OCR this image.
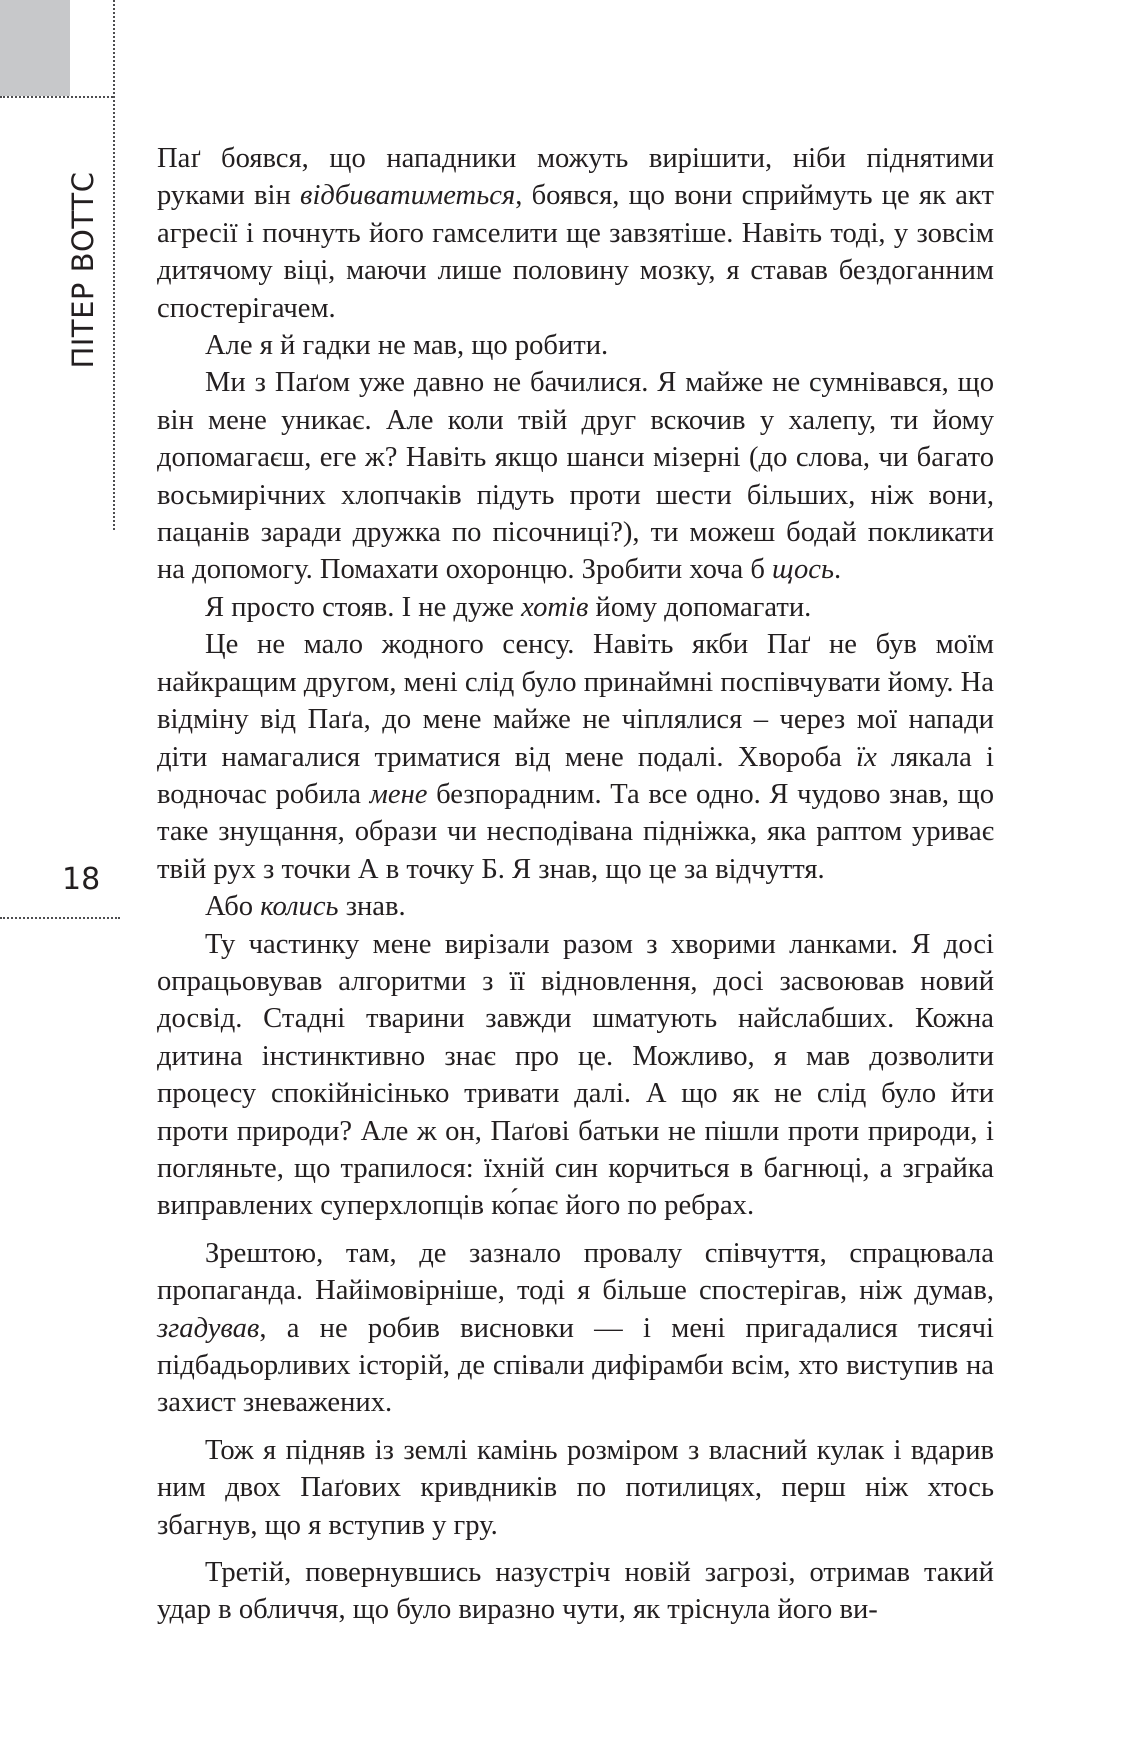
ПІТЕР ВОТТС
18

Паґ боявся, що нападники можуть вирішити, ніби піднятими руками він відбиватиметься, боявся, що вони сприймуть це як акт агресії і почнуть його гамселити ще завзятіше. Навіть тоді, у зовсім дитячому віці, маючи лише половину мозку, я ставав бездоганним спостерігачем.

Але я й гадки не мав, що робити.

Ми з Паґом уже давно не бачилися. Я майже не сумнівався, що він мене уникає. Але коли твій друг вскочив у халепу, ти йому допомагаєш, еге ж? Навіть якщо шанси мізерні (до слова, чи багато восьмирічних хлопчаків підуть проти шести більших, ніж вони, пацанів заради дружка по пісочниці?), ти можеш бодай покликати на допомогу. Помахати охоронцю. Зробити хоча б щось.

Я просто стояв. І не дуже хотів йому допомагати.

Це не мало жодного сенсу. Навіть якби Паґ не був моїм найкращим другом, мені слід було принаймні поспівчувати йому. На відміну від Паґа, до мене майже не чіплялися – через мої напади діти намагалися триматися від мене подалі. Хвороба їх лякала і водночас робила мене безпорадним. Та все одно. Я чудово знав, що таке знущання, образи чи несподівана підніжка, яка раптом уриває твій рух з точки А в точку Б. Я знав, що це за відчуття.

Або колись знав.

Ту частинку мене вирізали разом з хворими ланками. Я досі опрацьовував алгоритми з її відновлення, досі засвоював новий досвід. Стадні тварини завжди шматують найслабших. Кожна дитина інстинктивно знає про це. Можливо, я мав дозволити процесу спокійнісінько тривати далі. А що як не слід було йти проти природи? Але ж он, Паґові батьки не пішли проти природи, і погляньте, що трапилося: їхній син корчиться в багнюці, а зграйка виправлених суперхлопців ко́пає його по ребрах.

Зрештою, там, де зазнало провалу співчуття, спрацювала пропаганда. Найімовірніше, тоді я більше спостерігав, ніж думав, згадував, а не робив висновки — і мені пригадалися тисячі підбадьорливих історій, де співали дифірамби всім, хто виступив на захист зневажених.

Тож я підняв із землі камінь розміром з власний кулак і вдарив ним двох Паґових кривдників по потилицях, перш ніж хтось збагнув, що я вступив у гру.

Третій, повернувшись назустріч новій загрозі, отримав такий удар в обличчя, що було виразно чути, як тріснула його ви-
